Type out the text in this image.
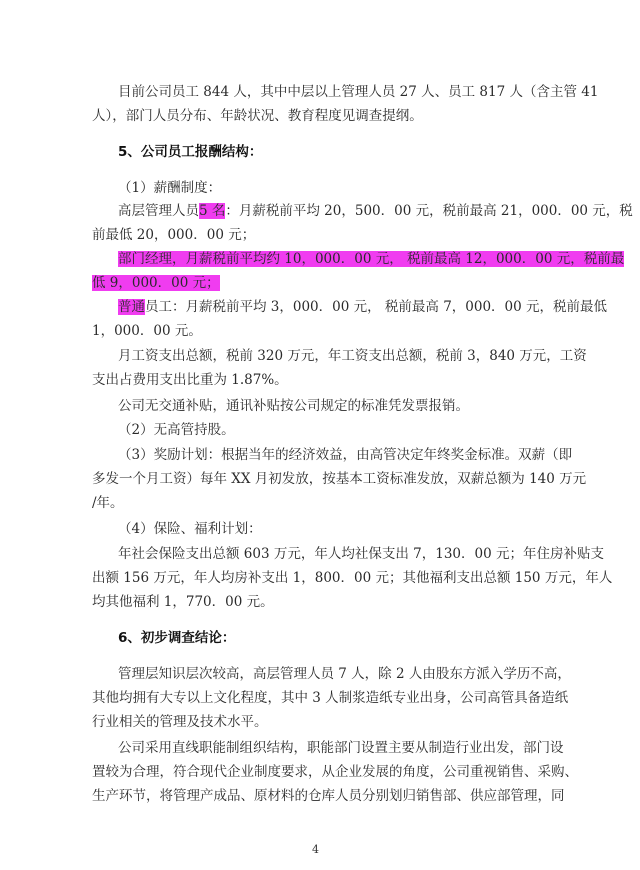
目前公司员工 844 人，其中中层以上管理人员 27 人、员工 817 人（含主管 41
人），部门人员分布、年龄状况、教育程度见调查提纲。
5、公司员工报酬结构：
（1）薪酬制度：
高层管理人员5 名：月薪税前平均 20，500．00 元，税前最高 21，000．00 元，税
前最低 20，000．00 元；
部门经理，月薪税前平均约 10，000．00 元， 税前最高 12，000．00 元，税前最
低 9，000．00 元；
普通员工：月薪税前平均 3，000．00 元， 税前最高 7，000．00 元，税前最低
1，000．00 元。
月工资支出总额，税前 320 万元，年工资支出总额，税前 3，840 万元，工资
支出占费用支出比重为 1.87%。
公司无交通补贴，通讯补贴按公司规定的标准凭发票报销。
（2）无高管持股。
（3）奖励计划：根据当年的经济效益，由高管决定年终奖金标准。双薪（即
多发一个月工资）每年 XX 月初发放，按基本工资标准发放，双薪总额为 140 万元
/年。
（4）保险、福利计划：
年社会保险支出总额 603 万元，年人均社保支出 7，130．00 元；年住房补贴支
出额 156 万元，年人均房补支出 1，800．00 元；其他福利支出总额 150 万元，年人
均其他福利 1，770．00 元。
6、初步调查结论：
管理层知识层次较高，高层管理人员 7 人，除 2 人由股东方派入学历不高，
其他均拥有大专以上文化程度，其中 3 人制浆造纸专业出身，公司高管具备造纸
行业相关的管理及技术水平。
公司采用直线职能制组织结构，职能部门设置主要从制造行业出发，部门设
置较为合理，符合现代企业制度要求，从企业发展的角度，公司重视销售、采购、
生产环节，将管理产成品、原材料的仓库人员分别划归销售部、供应部管理，同
4
